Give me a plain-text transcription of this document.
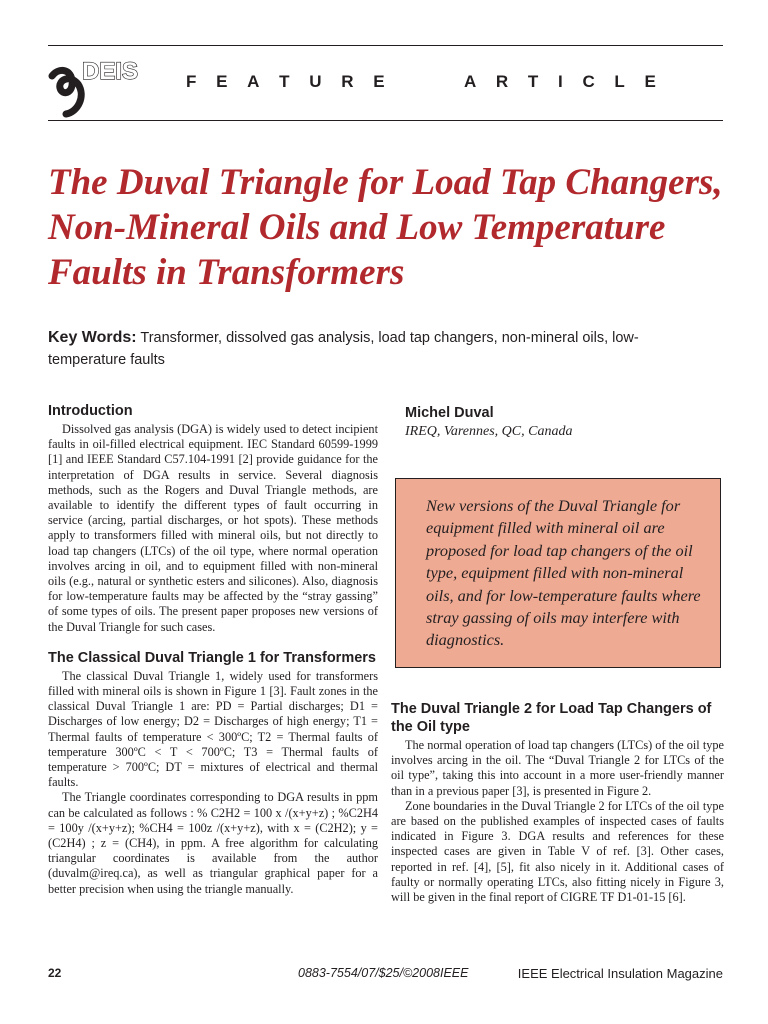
DEIS	F E A T U R E	A R T I C L E
The Duval Triangle for Load Tap Changers, Non-Mineral Oils and Low Temperature Faults in Transformers

Key Words: Transformer, dissolved gas analysis, load tap changers, non-mineral oils, low-temperature faults

Introduction

Dissolved gas analysis (DGA) is widely used to detect incipient faults in oil-filled electrical equipment. IEC Standard 60599-1999 [1] and IEEE Standard C57.104-1991 [2] provide guidance for the interpretation of DGA results in service. Several diagnosis methods, such as the Rogers and Duval Triangle methods, are available to identify the different types of fault occurring in service (arcing, partial discharges, or hot spots). These methods apply to transformers filled with mineral oils, but not directly to load tap changers (LTCs) of the oil type, where normal operation involves arcing in oil, and to equipment filled with non-mineral oils (e.g., natural or synthetic esters and silicones). Also, diagnosis for low-temperature faults may be affected by the “stray gassing” of some types of oils. The present paper proposes new versions of the Duval Triangle for such cases.

The Classical Duval Triangle 1 for Transformers

The classical Duval Triangle 1, widely used for transformers filled with mineral oils is shown in Figure 1 [3]. Fault zones in the classical Duval Triangle 1 are: PD = Partial discharges; D1 = Discharges of low energy; D2 = Discharges of high energy; T1 = Thermal faults of temperature < 300ºC; T2 = Thermal faults of temperature 300ºC < T < 700ºC; T3 = Thermal faults of temperature > 700ºC; DT = mixtures of electrical and thermal faults.

The Triangle coordinates corresponding to DGA results in ppm can be calculated as follows : % C2H2 = 100 x /(x+y+z) ; %C2H4 = 100y /(x+y+z); %CH4 = 100z /(x+y+z), with x = (C2H2); y = (C2H4) ; z = (CH4), in ppm. A free algorithm for calculating triangular coordinates is available from the author (duvalm@ireq.ca), as well as triangular graphical paper for a better precision when using the triangle manually.

Michel Duval

IREQ, Varennes, QC, Canada

New versions of the Duval Triangle for equipment filled with mineral oil are proposed for load tap changers of the oil type, equipment filled with non-mineral oils, and for low-temperature faults where stray gassing of oils may interfere with diagnostics.
The Duval Triangle 2 for Load Tap Changers of the Oil type

The normal operation of load tap changers (LTCs) of the oil type involves arcing in the oil. The “Duval Triangle 2 for LTCs of the oil type”, taking this into account in a more user-friendly manner than in a previous paper [3], is presented in Figure 2.

Zone boundaries in the Duval Triangle 2 for LTCs of the oil type are based on the published examples of inspected cases of faults indicated in Figure 3. DGA results and references for these inspected cases are given in Table V of ref. [3]. Other cases, reported in ref. [4], [5], fit also nicely in it. Additional cases of faulty or normally operating LTCs, also fitting nicely in Figure 3, will be given in the final report of CIGRE TF D1-01-15 [6].

22	0883-7554/07/$25/©2008IEEE	IEEE Electrical Insulation Magazine
